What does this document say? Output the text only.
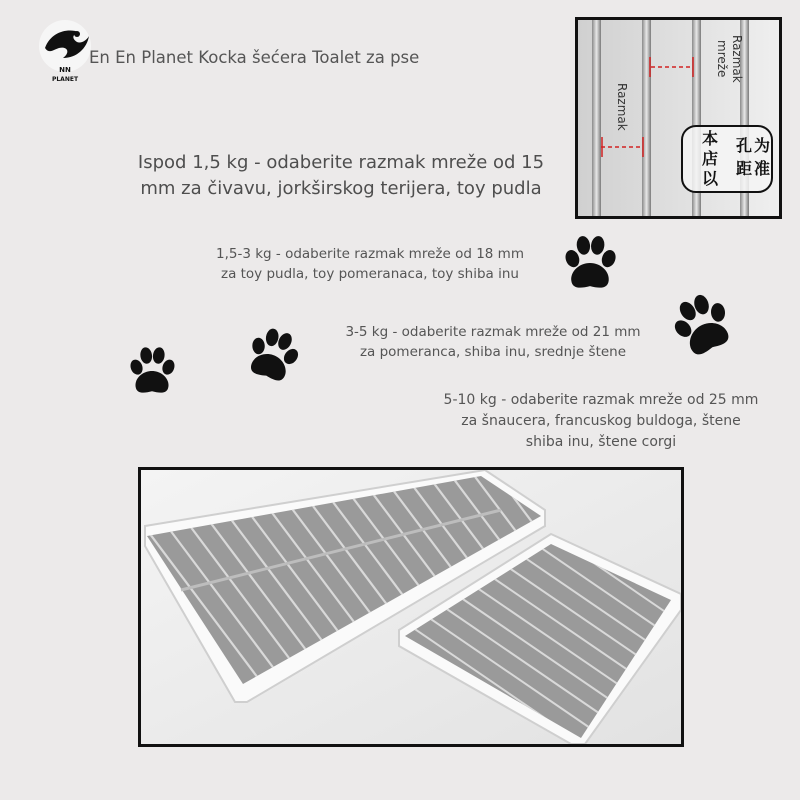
NN
PLANET
En En Planet Kocka šećera Toalet za pse
Razmak
Razmak
mreže
孔
距
为
准
本
店
以
Ispod 1,5 kg - odaberite razmak mreže od 15
mm za čivavu, jorkširskog terijera, toy pudla
1,5-3 kg - odaberite razmak mreže od 18 mm
za toy pudla, toy pomeranaca, toy shiba inu
3-5 kg - odaberite razmak mreže od 21 mm
za pomeranca, shiba inu, srednje štene
5-10 kg - odaberite razmak mreže od 25 mm
za šnaucera, francuskog buldoga, štene
shiba inu, štene corgi
